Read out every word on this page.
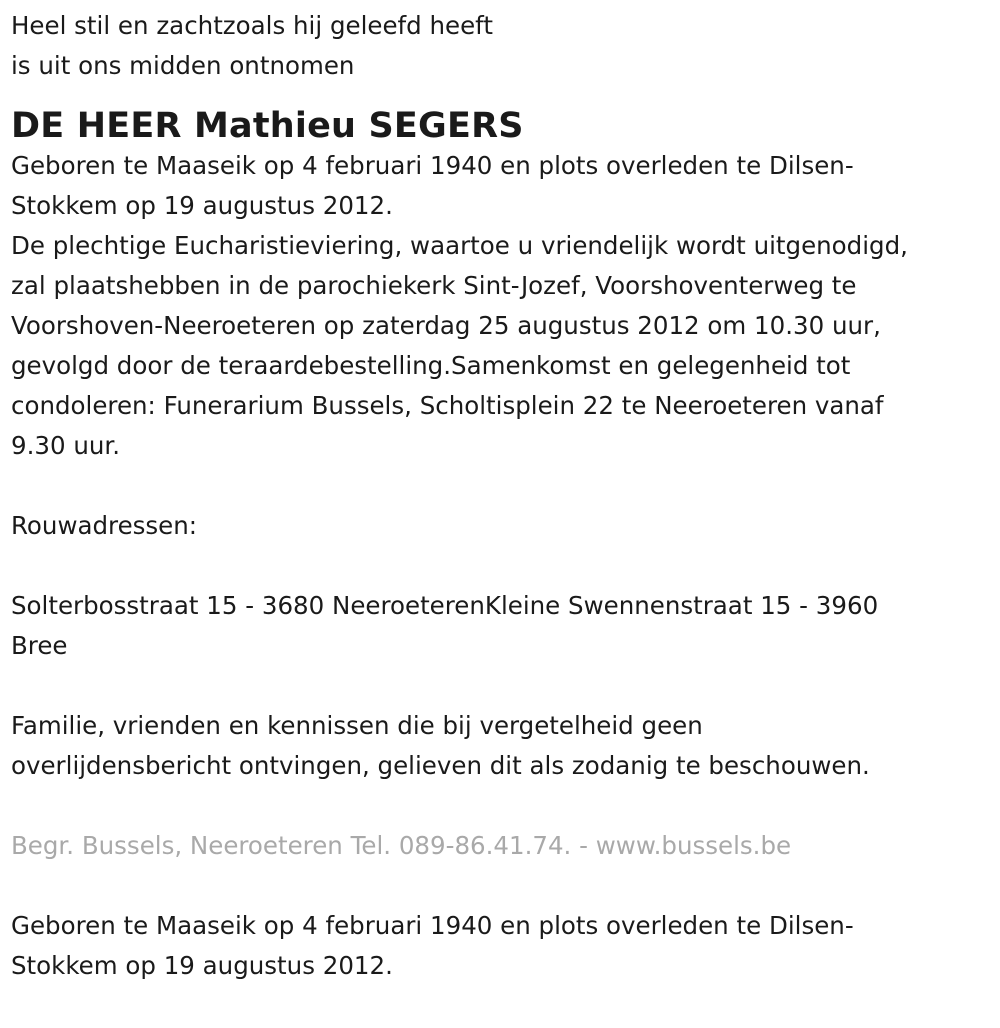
Heel stil en zachtzoals hij geleefd heeft

is uit ons midden ontnomen

DE HEER Mathieu SEGERS

Geboren te Maaseik op 4 februari 1940 en plots overleden te Dilsen-

Stokkem op 19 augustus 2012.

De plechtige Eucharistieviering, waartoe u vriendelijk wordt uitgenodigd,

zal plaatshebben in de parochiekerk Sint-Jozef, Voorshoventerweg te

Voorshoven-Neeroeteren op zaterdag 25 augustus 2012 om 10.30 uur,

gevolgd door de teraardebestelling.Samenkomst en gelegenheid tot

condoleren: Funerarium Bussels, Scholtisplein 22 te Neeroeteren vanaf

9.30 uur.

Rouwadressen:

Solterbosstraat 15 - 3680 NeeroeterenKleine Swennenstraat 15 - 3960

Bree

Familie, vrienden en kennissen die bij vergetelheid geen

overlijdensbericht ontvingen, gelieven dit als zodanig te beschouwen.

Begr. Bussels, Neeroeteren Tel. 089-86.41.74. - www.bussels.be

Geboren te Maaseik op 4 februari 1940 en plots overleden te Dilsen-

Stokkem op 19 augustus 2012.
